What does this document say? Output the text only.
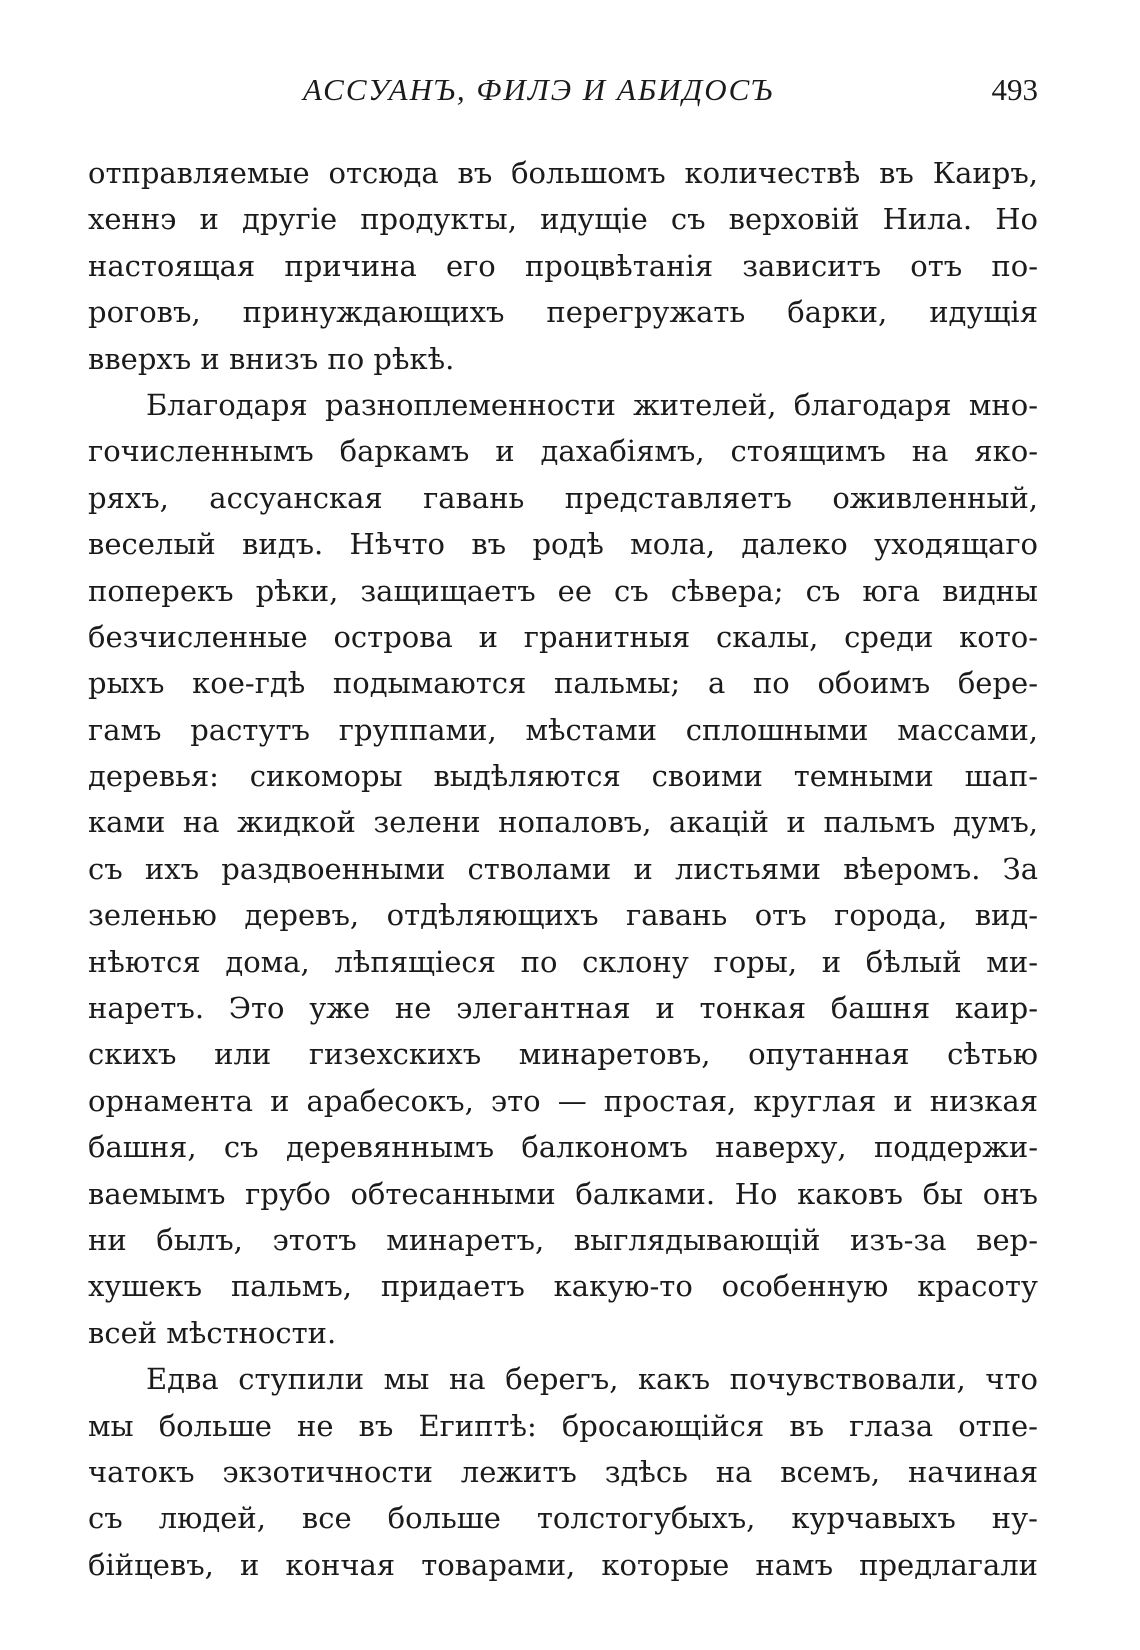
АССУАНЪ, ФИЛЭ И АБИДОСЪ	493
отправляемые отсюда въ большомъ количествѣ въ Каиръ,
хеннэ и другіе продукты, идущіе съ верховій Нила. Но
настоящая причина его процвѣтанія зависитъ отъ по-
роговъ, принуждающихъ перегружать барки, идущія
вверхъ и внизъ по рѣкѣ.
Благодаря разноплеменности жителей, благодаря мно-
гочисленнымъ баркамъ и дахабіямъ, стоящимъ на яко-
ряхъ, ассуанская гавань представляетъ оживленный,
веселый видъ. Нѣчто въ родѣ мола, далеко уходящаго
поперекъ рѣки, защищаетъ ее съ сѣвера; съ юга видны
безчисленные острова и гранитныя скалы, среди кото-
рыхъ кое-гдѣ подымаются пальмы; а по обоимъ бере-
гамъ растутъ группами, мѣстами сплошными массами,
деревья: сикоморы выдѣляются своими темными шап-
ками на жидкой зелени нопаловъ, акацій и пальмъ думъ,
съ ихъ раздвоенными стволами и листьями вѣеромъ. За
зеленью деревъ, отдѣляющихъ гавань отъ города, вид-
нѣются дома, лѣпящіеся по склону горы, и бѣлый ми-
наретъ. Это уже не элегантная и тонкая башня каир-
скихъ или гизехскихъ минаретовъ, опутанная сѣтью
орнамента и арабесокъ, это — простая, круглая и низкая
башня, съ деревяннымъ балкономъ наверху, поддержи-
ваемымъ грубо обтесанными балками. Но каковъ бы онъ
ни былъ, этотъ минаретъ, выглядывающій изъ-за вер-
хушекъ пальмъ, придаетъ какую-то особенную красоту
всей мѣстности.
Едва ступили мы на берегъ, какъ почувствовали, что
мы больше не въ Египтѣ: бросающійся въ глаза отпе-
чатокъ экзотичности лежитъ здѣсь на всемъ, начиная
съ людей, все больше толстогубыхъ, курчавыхъ ну-
бійцевъ, и кончая товарами, которые намъ предлагали
